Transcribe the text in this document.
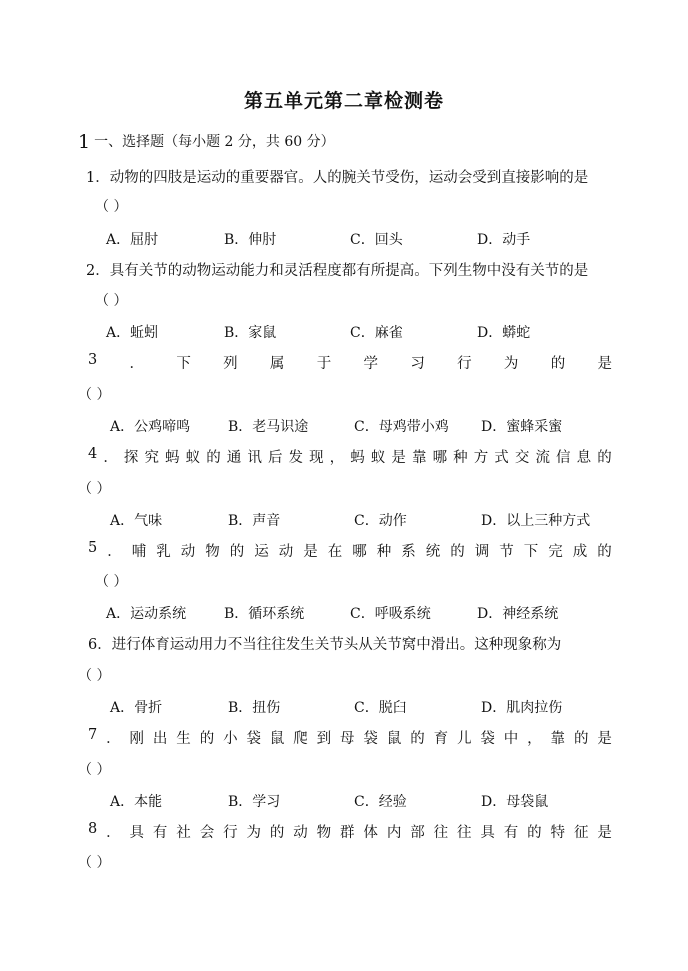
第五单元第二章检测卷
1 一、选择题（每小题 2 分，共 60 分）
1．动物的四肢是运动的重要器官。人的腕关节受伤，运动会受到直接影响的是
（ ）
A．屈肘	B．伸肘	C．回头	D．动手
2．具有关节的动物运动能力和灵活程度都有所提高。下列生物中没有关节的是
（ ）
A．蚯蚓	B．家鼠	C．麻雀	D．蟒蛇
3 ． 下 列 属 于 学 习 行 为 的 是
（ ）
A．公鸡啼鸣	B．老马识途	C．母鸡带小鸡 D．蜜蜂采蜜
4 ． 探 究 蚂 蚁 的 通 讯 后 发 现 ， 蚂 蚁 是 靠 哪 种 方 式 交 流 信 息 的
（ ）
A．气味	B．声音	C．动作	D．以上三种方式
5 ． 哺 乳 动 物 的 运 动 是 在 哪 种 系 统 的 调 节 下 完 成 的
（ ）
A．运动系统	B．循环系统	C．呼吸系统	D．神经系统
6．进行体育运动用力不当往往发生关节头从关节窝中滑出。这种现象称为
（ ）
A．骨折	B．扭伤	C．脱臼	D．肌肉拉伤
7 ． 刚 出 生 的 小 袋 鼠 爬 到 母 袋 鼠 的 育 儿 袋 中 ， 靠 的 是
（ ）
A．本能	B．学习	C．经验	D．母袋鼠
8 ． 具 有 社 会 行 为 的 动 物 群 体 内 部 往 往 具 有 的 特 征 是
（ ）
